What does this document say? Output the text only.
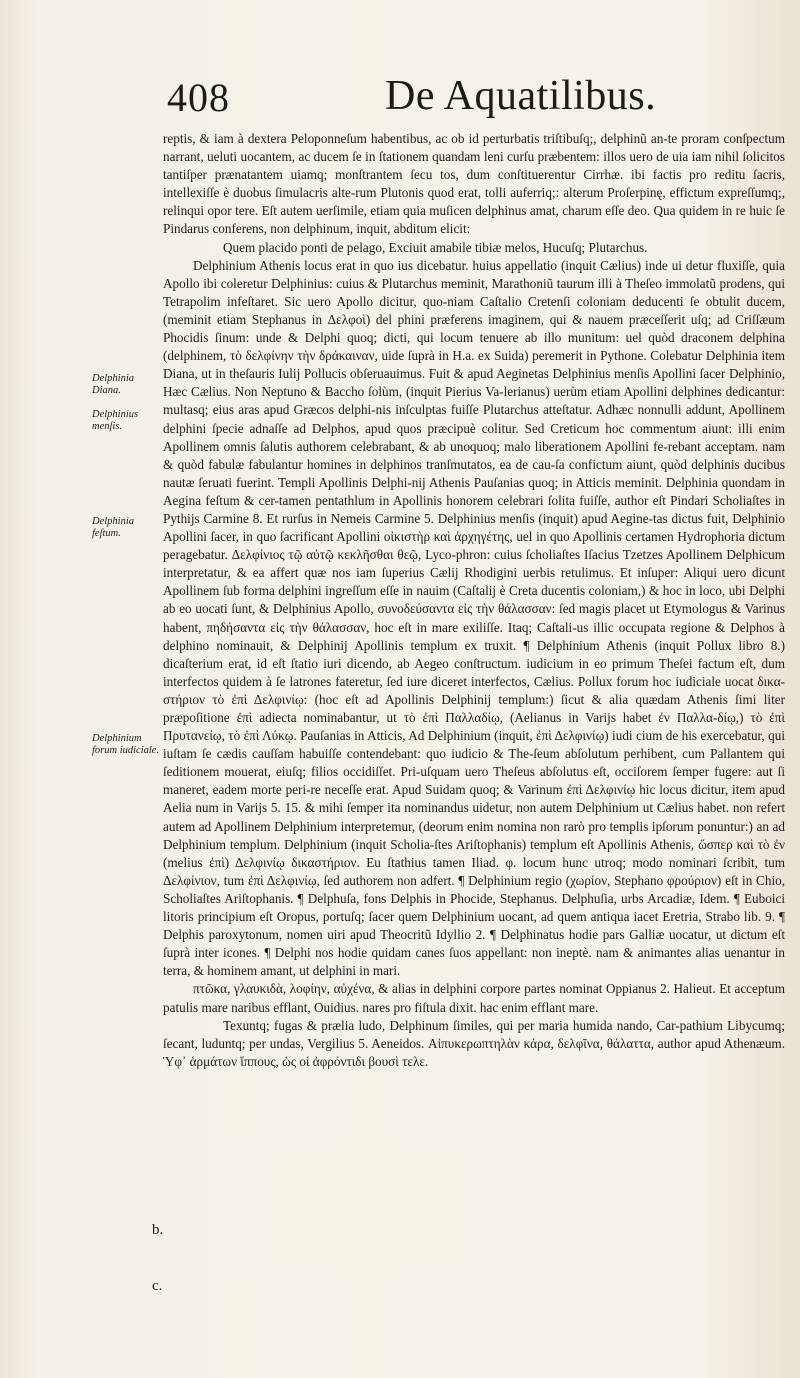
408	De Aquatilibus.
Delphinia Diana.
Delphinius menſis.
Delphinia feſtum.
Delphinium forum iudiciale.
b.
c.

reptis, & iam à dextera Peloponneſum habentibus, ac ob id perturbatis triſtibuſq;, delphinũ an-te proram conſpectum narrant, ueluti uocantem, ac ducem ſe in ſtationem quandam leni curſu præbentem: illos uero de uia iam nihil ſolicitos tantiſper prænatantem uiamq; monſtrantem ſecu tos, dum conſtituerentur Cirrhæ. ibi factis pro reditu ſacris, intellexiſſe è duobus ſimulacris alte-rum Plutonis quod erat, tolli auferriq;: alterum Proſerpinę, effictum expreſſumq;, relinqui opor tere. Eſt autem uerſimile, etiam quia muſicen delphinus amat, charum eſſe deo. Qua quidem in re huic ſe Pindarus conferens, non delphinum, inquit, abditum elicit:

Quem placido ponti de pelago, Exciuit amabile tibiæ melos, Hucuſq; Plutarchus.

Delphinium Athenis locus erat in quo ius dicebatur. huius appellatio (inquit Cælius) inde ui detur fluxiſſe, quia Apollo ibi coleretur Delphinius: cuius & Plutarchus meminit, Marathoniũ taurum illi à Theſeo immolatũ prodens, qui Tetrapolim infeſtaret. Sic uero Apollo dicitur, quo-niam Caſtalio Cretenſi coloniam deducenti ſe obtulit ducem, (meminit etiam Stephanus in Δελφοὶ) del phini præferens imaginem, qui & nauem præceſſerit uſq; ad Criſſæum Phocidis ſinum: unde & Delphi quoq; dicti, qui locum tenuere ab illo munitum: uel quòd draconem delphina (delphinem, τὸ δελφίνην τὴν δράκαιναν, uide ſuprà in H.a. ex Suida) peremerit in Pythone. Colebatur Delphinia item Diana, ut in theſauris Iulij Pollucis obſeruauimus. Fuit & apud Aeginetas Delphinius menſis Apollini ſacer Delphinio, Hæc Cælius. Non Neptuno & Baccho ſolùm, (inquit Pierius Va-lerianus) uerùm etiam Apollini delphines dedicantur: multasq; eius aras apud Græcos delphi-nis inſculptas fuiſſe Plutarchus atteſtatur. Adhæc nonnulli addunt, Apollinem delphini ſpecie adnaſſe ad Delphos, apud quos præcipuè colitur. Sed Creticum hoc commentum aiunt: illi enim Apollinem omnis ſalutis authorem celebrabant, & ab unoquoq; malo liberationem Apollini fe-rebant acceptam. nam & quòd fabulæ fabulantur homines in delphinos tranſmutatos, ea de cau-ſa confictum aiunt, quòd delphinis ducibus nautæ ſeruati fuerint. Templi Apollinis Delphi-nij Athenis Pauſanias quoq; in Atticis meminit. Delphinia quondam in Aegina feſtum & cer-tamen pentathlum in Apollinis honorem celebrari ſolita fuiſſe, author eſt Pindari Scholiaſtes in Pythijs Carmine 8. Et rurſus in Nemeis Carmine 5. Delphinius menſis (inquit) apud Aegine-tas dictus fuit, Delphinio Apollini ſacer, in quo ſacrificant Apollini οἰκιστὴρ καὶ ἀρχηγέτης, uel in quo Apollinis certamen Hydrophoria dictum peragebatur. Δελφίνιος τῷ αὐτῷ κεκλῆσθαι θεῷ, Lyco-phron: cuius ſcholiaſtes Iſacius Tzetzes Apollinem Delphicum interpretatur, & ea affert quæ nos iam ſuperius Cælij Rhodigini uerbis retulimus. Et inſuper: Aliqui uero dicunt Apollinem ſub forma delphini ingreſſum eſſe in nauim (Caſtalij è Creta ducentis coloniam,) & hoc in loco, ubi Delphi ab eo uocati ſunt, & Delphinius Apollo, συνοδεύσαντα εἰς τὴν θάλασσαν: ſed magis placet ut Etymologus & Varinus habent, πηδήσαντα εἰς τὴν θάλασσαν, hoc eſt in mare exiliſſe. Itaq; Caſtali-us illic occupata regione & Delphos à delphino nominauit, & Delphinij Apollinis templum ex truxit. ¶ Delphinium Athenis (inquit Pollux libro 8.) dicaſterium erat, id eſt ſtatio iuri dicendo, ab Aegeo conſtructum. iudicium in eo primum Theſei factum eſt, dum interfectos quidem à ſe latrones fateretur, ſed iure diceret interfectos, Cælius. Pollux forum hoc iudiciale uocat δικα-στήριον τὸ ἐπὶ Δελφινίῳ: (hoc eſt ad Apollinis Delphinij templum:) ſicut & alia quædam Athenis ſimi liter præpoſitione ἐπὶ adiecta nominabantur, ut τὸ ἐπὶ Παλλαδίῳ, (Aelianus in Varijs habet ἐν Παλλα-δίῳ,) τὸ ἐπὶ Πρυτανείῳ, τὸ ἐπὶ Λύκῳ. Pauſanias in Atticis, Ad Delphinium (inquit, ἐπὶ Δελφινίῳ) iudi cium de his exercebatur, qui iuſtam ſe cædis cauſſam habuiſſe contendebant: quo iudicio & The-ſeum abſolutum perhibent, cum Pallantem qui ſeditionem mouerat, eiuſq; filios occidiſſet. Pri-uſquam uero Theſeus abſolutus eſt, occiſorem ſemper fugere: aut ſi maneret, eadem morte peri-re neceſſe erat. Apud Suidam quoq; & Varinum ἐπὶ Δελφινίῳ hic locus dicitur, item apud Aelia num in Varijs 5. 15. & mihi ſemper ita nominandus uidetur, non autem Delphinium ut Cælius habet. non refert autem ad Apollinem Delphinium interpretemur, (deorum enim nomina non rarò pro templis ipſorum ponuntur:) an ad Delphinium templum. Delphinium (inquit Scholia-ſtes Ariſtophanis) templum eſt Apollinis Athenis, ὥσπερ καὶ τὸ ἐν (melius ἐπὶ) Δελφινίῳ δικαστήριον. Eu ſtathius tamen Iliad. φ. locum hunc utroq; modo nominari ſcribit, tum Δελφίνιον, tum ἐπὶ Δελφινίῳ, ſed authorem non adfert. ¶ Delphinium regio (χωρίον, Stephano φρούριον) eſt in Chio, Scholiaſtes Ariſtophanis. ¶ Delphuſa, fons Delphis in Phocide, Stephanus. Delphuſia, urbs Arcadiæ, Idem. ¶ Euboici litoris principium eſt Oropus, portuſq; ſacer quem Delphinium uocant, ad quem antiqua iacet Eretria, Strabo lib. 9. ¶ Delphis paroxytonum, nomen uiri apud Theocritũ Idyllio 2. ¶ Delphinatus hodie pars Galliæ uocatur, ut dictum eſt ſuprà inter icones. ¶ Delphi nos hodie quidam canes ſuos appellant: non ineptè. nam & animantes alias uenantur in terra, & hominem amant, ut delphini in mari.

πτῶκα, γλαυκιδὰ, λοφίην, αὐχένα, & alias in delphini corpore partes nominat Oppianus 2. Halieut. Et acceptum patulis mare naribus efflant, Ouidius. nares pro fiſtula dixit. hac enim efflant mare.

Texuntq; fugas & prælia ludo, Delphinum ſimiles, qui per maria humida nando, Car-pathium Libycumq; ſecant, luduntq; per undas, Vergilius 5. Aeneidos. Αἰπυκερωπτηλὰν κάρα, δελφῖνα, θάλαττα, author apud Athenæum. Ὑφ᾽ ἁρμάτων ἵππους, ὡς οἱ ἀφρόντιδι βουσὶ τελε.
